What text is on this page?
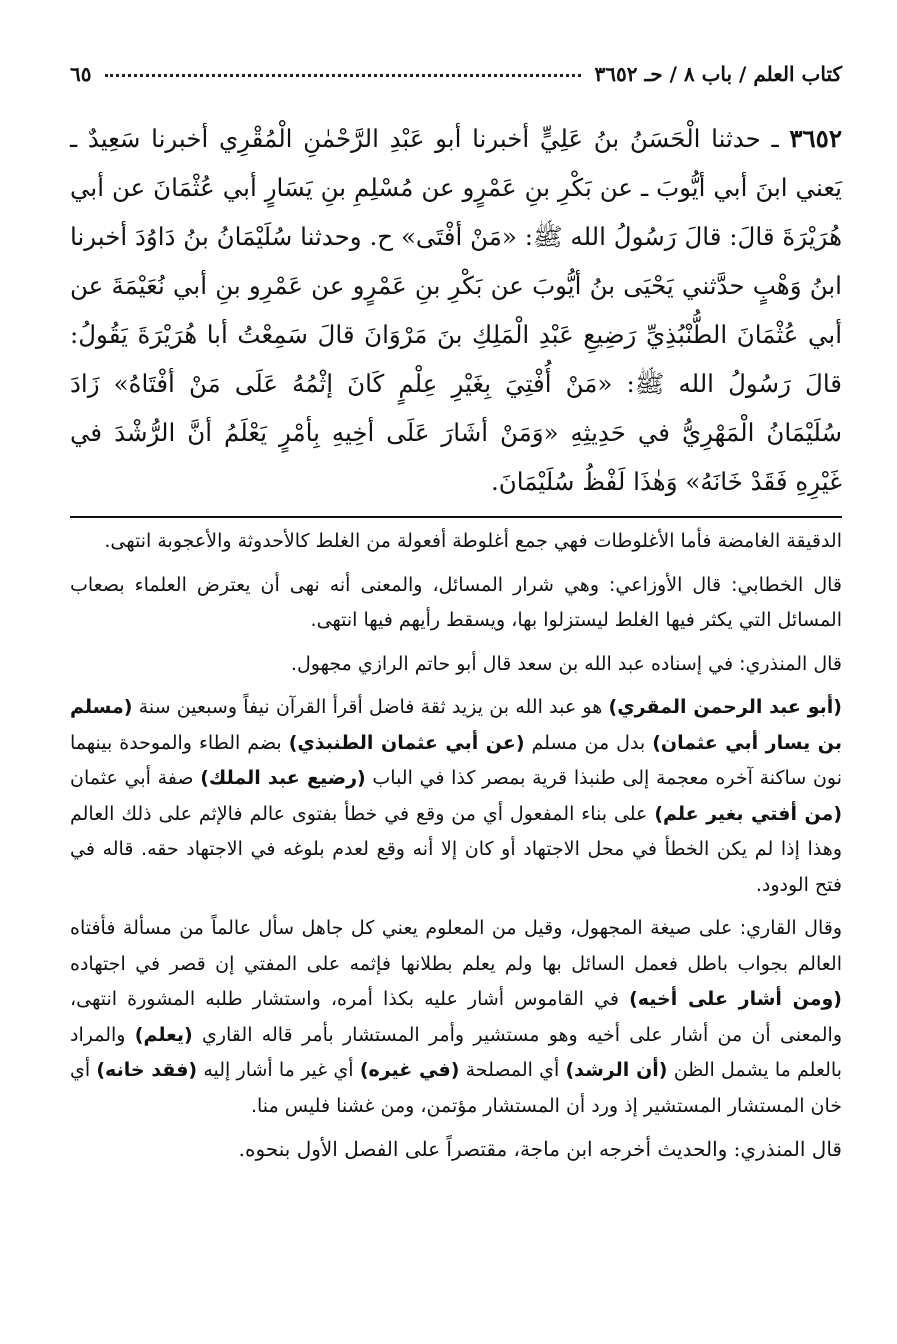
كتاب العلم / باب ٨ / حـ ٣٦٥٢
٦٥
٣٦٥٢ ـ حدثنا الْحَسَنُ بنُ عَلِيٍّ أخبرنا أبو عَبْدِ الرَّحْمٰنِ الْمُقْرِي أخبرنا سَعِيدٌ ـ يَعني ابنَ أبي أيُّوبَ ـ عن بَكْرِ بنِ عَمْرٍو عن مُسْلِمِ بنِ يَسَارٍ أبي عُثْمَانَ عن أبي هُرَيْرَةَ قالَ: قالَ رَسُولُ الله ﷺ: «مَنْ أفْتَى» ح. وحدثنا سُلَيْمَانُ بنُ دَاوُدَ أخبرنا ابنُ وَهْبٍ حدَّثني يَحْيَى بنُ أيُّوبَ عن بَكْرِ بنِ عَمْرٍو عن عَمْرِو بنِ أبي نُعَيْمَةَ عن أبي عُثْمَانَ الطُّنْبُذِيِّ رَضِيعِ عَبْدِ الْمَلِكِ بنَ مَرْوَانَ قالَ سَمِعْتُ أبا هُرَيْرَةَ يَقُولُ: قالَ رَسُولُ الله ﷺ: «مَنْ أُفْتِيَ بِغَيْرِ عِلْمٍ كَانَ إثْمُهُ عَلَى مَنْ أفْتَاهُ» زَادَ سُلَيْمَانُ الْمَهْرِيُّ في حَدِيثِهِ «وَمَنْ أشَارَ عَلَى أخِيهِ بِأمْرٍ يَعْلَمُ أنَّ الرُّشْدَ في غَيْرِهِ فَقَدْ خَانَهُ» وَهٰذَا لَفْظُ سُلَيْمَانَ.

الدقيقة الغامضة فأما الأغلوطات فهي جمع أغلوطة أفعولة من الغلط كالأحدوثة والأعجوبة انتهى.

قال الخطابي: قال الأوزاعي: وهي شرار المسائل، والمعنى أنه نهى أن يعترض العلماء بصعاب المسائل التي يكثر فيها الغلط ليستزلوا بها، ويسقط رأيهم فيها انتهى.

قال المنذري: في إسناده عبد الله بن سعد قال أبو حاتم الرازي مجهول.

(أبو عبد الرحمن المقري) هو عبد الله بن يزيد ثقة فاضل أقرأ القرآن نيفاً وسبعين سنة (مسلم بن يسار أبي عثمان) بدل من مسلم (عن أبي عثمان الطنبذي) بضم الطاء والموحدة بينهما نون ساكنة آخره معجمة إلى طنبذا قرية بمصر كذا في الباب (رضيع عبد الملك) صفة أبي عثمان (من أفتي بغير علم) على بناء المفعول أي من وقع في خطأ بفتوى عالم فالإثم على ذلك العالم وهذا إذا لم يكن الخطأ في محل الاجتهاد أو كان إلا أنه وقع لعدم بلوغه في الاجتهاد حقه. قاله في فتح الودود.

وقال القاري: على صيغة المجهول، وقيل من المعلوم يعني كل جاهل سأل عالماً من مسألة فأفتاه العالم بجواب باطل فعمل السائل بها ولم يعلم بطلانها فإثمه على المفتي إن قصر في اجتهاده (ومن أشار على أخيه) في القاموس أشار عليه بكذا أمره، واستشار طلبه المشورة انتهى، والمعنى أن من أشار على أخيه وهو مستشير وأمر المستشار بأمر قاله القاري (يعلم) والمراد بالعلم ما يشمل الظن (أن الرشد) أي المصلحة (في غيره) أي غير ما أشار إليه (فقد خانه) أي خان المستشار المستشير إذ ورد أن المستشار مؤتمن، ومن غشنا فليس منا.

قال المنذري: والحديث أخرجه ابن ماجة، مقتصراً على الفصل الأول بنحوه.
